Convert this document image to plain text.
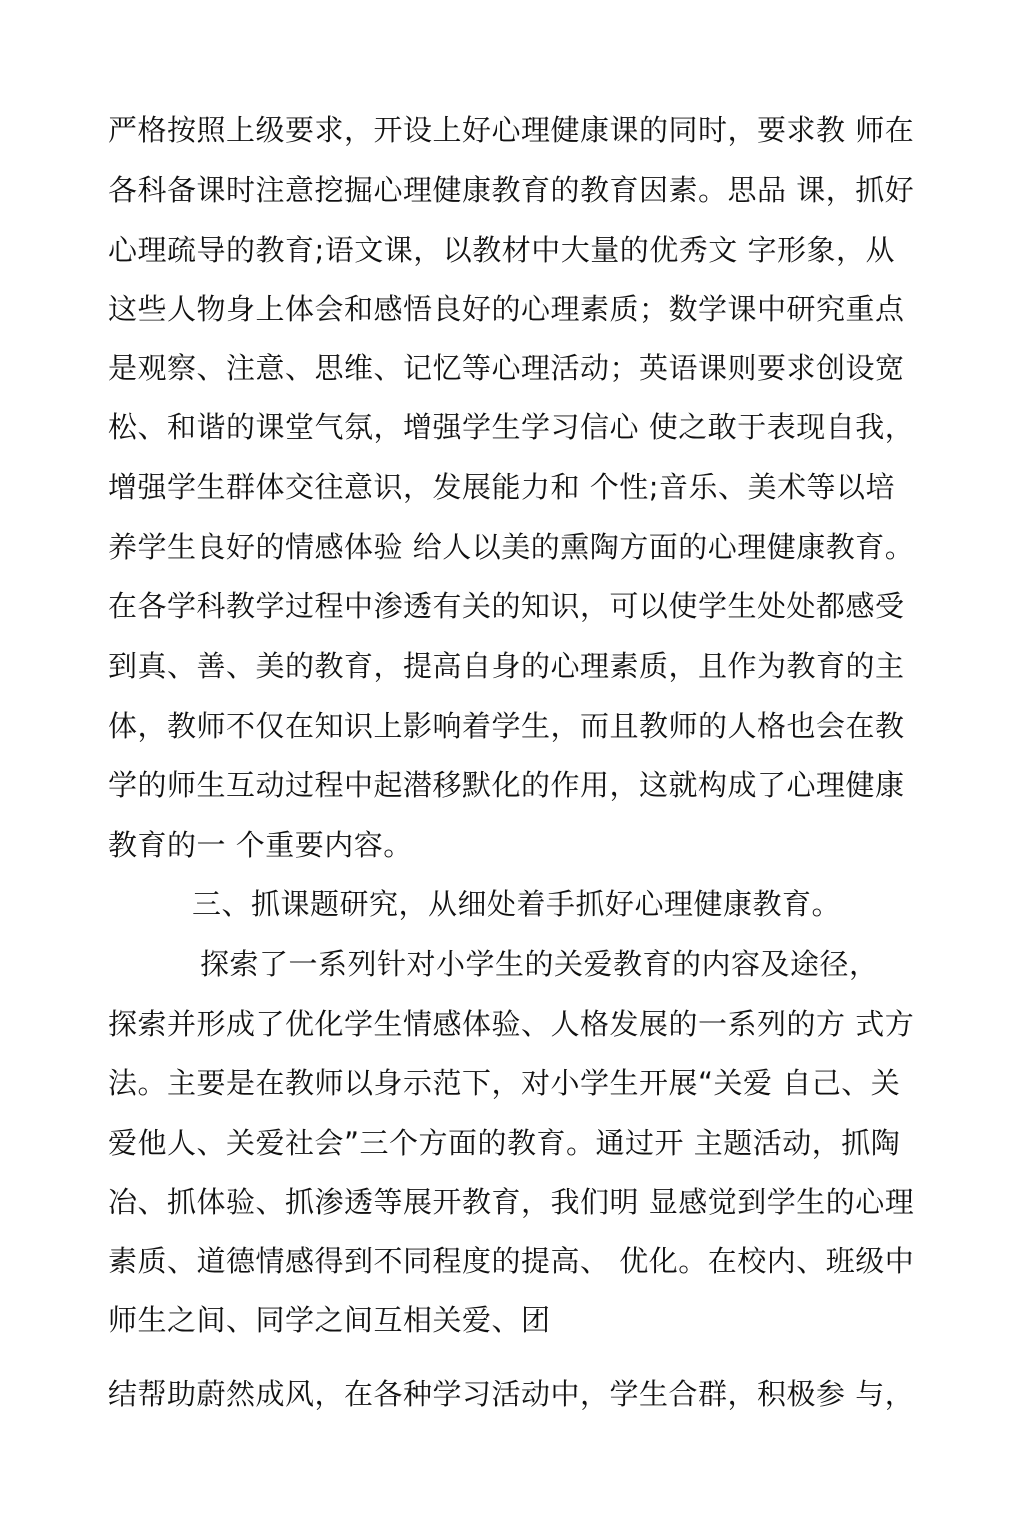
严格按照上级要求，开设上好心理健康课的同时，要求教 师在
各科备课时注意挖掘心理健康教育的教育因素。思品 课，抓好
心理疏导的教育;语文课，以教材中大量的优秀文 字形象，从
这些人物身上体会和感悟良好的心理素质；数学课中研究重点
是观察、注意、思维、记忆等心理活动；英语课则要求创设宽
松、和谐的课堂气氛，增强学生学习信心 使之敢于表现自我，
增强学生群体交往意识，发展能力和 个性;音乐、美术等以培
养学生良好的情感体验 给人以美的熏陶方面的心理健康教育。
在各学科教学过程中渗透有关的知识，可以使学生处处都感受
到真、善、美的教育，提高自身的心理素质，且作为教育的主
体，教师不仅在知识上影响着学生，而且教师的人格也会在教
学的师生互动过程中起潜移默化的作用，这就构成了心理健康
教育的一 个重要内容。
三、抓课题研究，从细处着手抓好心理健康教育。
探索了一系列针对小学生的关爱教育的内容及途径，
探索并形成了优化学生情感体验、人格发展的一系列的方 式方
法。主要是在教师以身示范下，对小学生开展“关爱 自己、关
爱他人、关爱社会”三个方面的教育。通过开 主题活动，抓陶
冶、抓体验、抓渗透等展开教育，我们明 显感觉到学生的心理
素质、道德情感得到不同程度的提高、 优化。在校内、班级中
师生之间、同学之间互相关爱、团
结帮助蔚然成风，在各种学习活动中，学生合群，积极参 与，
